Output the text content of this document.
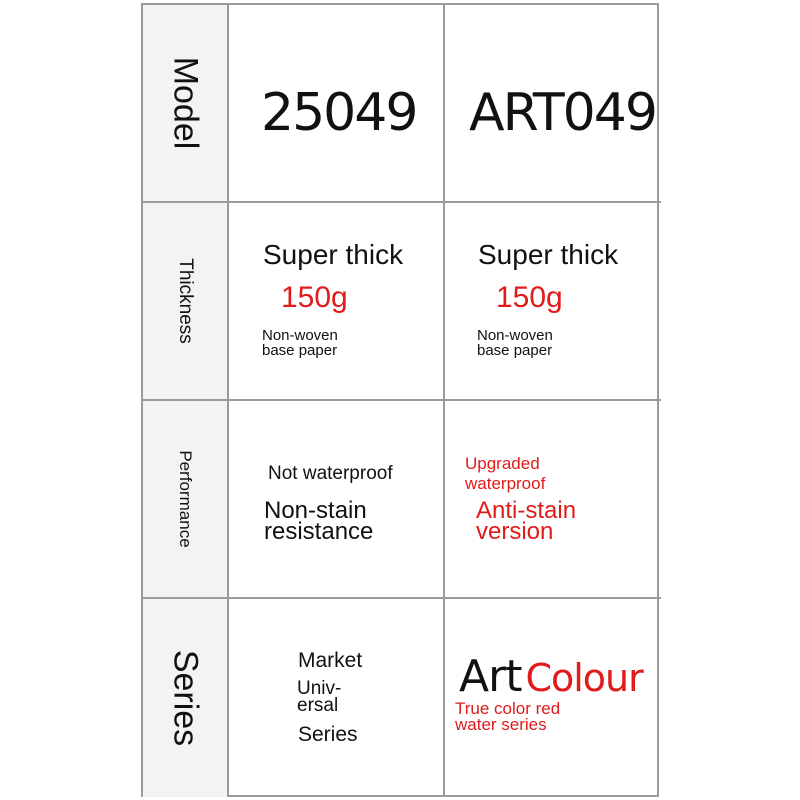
Model 25049 ART049
Thickness
Super thick
150g
Non-woven
base paper
Super thick
150g
Non-woven
base paper
Performance	Not waterproof
Non-stain
resistance
Upgraded
waterproof
Anti-stain
version
Series	Market
Univ-
ersal
Series
Art Colour
True color red
water series
